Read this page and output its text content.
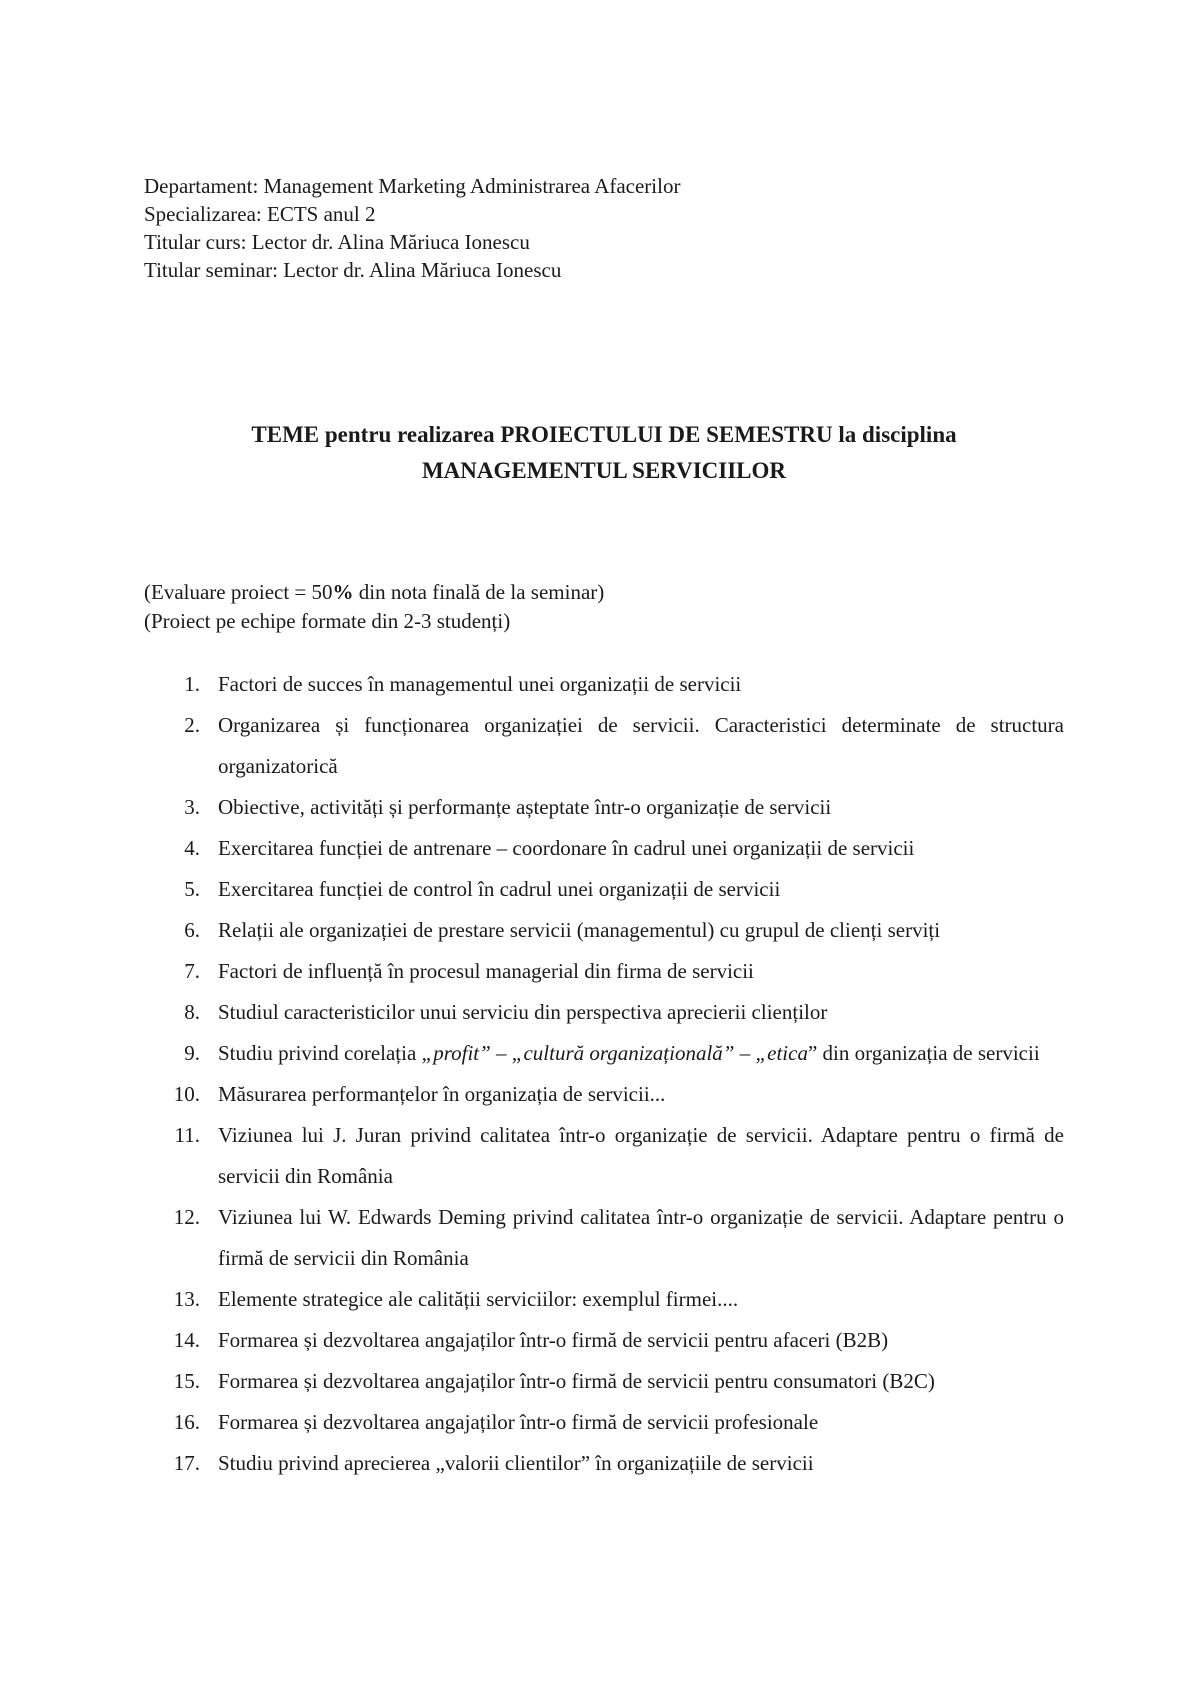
Departament: Management Marketing Administrarea Afacerilor
Specializarea: ECTS anul 2
Titular curs: Lector dr. Alina Măriuca Ionescu
Titular seminar: Lector dr. Alina Măriuca Ionescu
TEME pentru realizarea PROIECTULUI DE SEMESTRU la disciplina
MANAGEMENTUL SERVICIILOR
(Evaluare proiect = 50% din nota finală de la seminar)
(Proiect pe echipe formate din 2-3 studenți)
1. Factori de succes în managementul unei organizații de servicii
2. Organizarea și funcționarea organizației de servicii. Caracteristici determinate de structura organizatorică
3. Obiective, activități și performanțe așteptate într-o organizație de servicii
4. Exercitarea funcției de antrenare – coordonare în cadrul unei organizații de servicii
5. Exercitarea funcției de control în cadrul unei organizații de servicii
6. Relații ale organizației de prestare servicii (managementul) cu grupul de clienți serviți
7. Factori de influență în procesul managerial din firma de servicii
8. Studiul caracteristicilor unui serviciu din perspectiva aprecierii clienților
9. Studiu privind corelația „profit” – „cultură organizațională” – „etica” din organizația de servicii
10. Măsurarea performanțelor în organizația de servicii...
11. Viziunea lui J. Juran privind calitatea într-o organizație de servicii. Adaptare pentru o firmă de servicii din România
12. Viziunea lui W. Edwards Deming privind calitatea într-o organizație de servicii. Adaptare pentru o firmă de servicii din România
13. Elemente strategice ale calității serviciilor: exemplul firmei....
14. Formarea și dezvoltarea angajaților într-o firmă de servicii pentru afaceri (B2B)
15. Formarea și dezvoltarea angajaților într-o firmă de servicii pentru consumatori (B2C)
16. Formarea și dezvoltarea angajaților într-o firmă de servicii profesionale
17. Studiu privind aprecierea „valorii clientilor” în organizațiile de servicii
